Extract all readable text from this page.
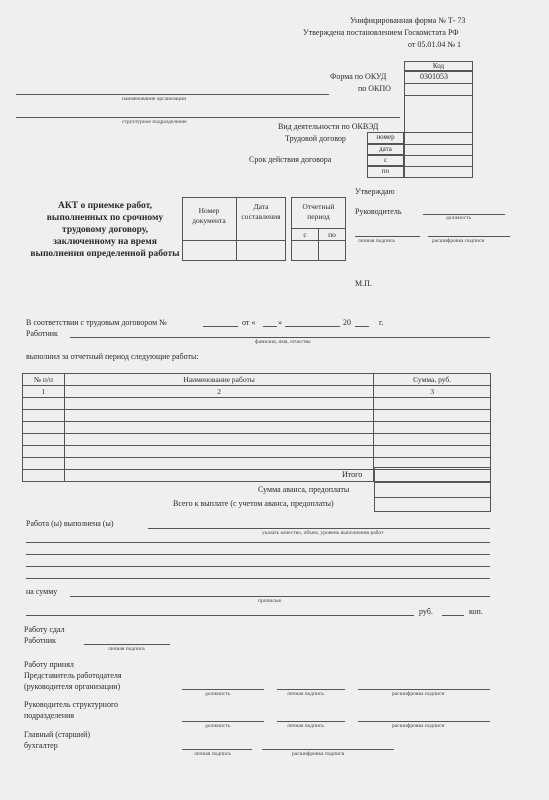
Унифицированная форма № Т- 73
Утверждена постановлением Госкомстата РФ
от 05.01.04 № 1
Код
Форма по ОКУД	0301053
по ОКПО
Вид деятельности по ОКВЭД
Трудовой договор	номер
дата
Срок действия договора	с
по
наименование организации
структурное подразделение
АКТ о приемке работ, выполненных по срочному трудовому договору, заключенному на время выполнения определенной работы
Номер документа
Дата составления
Отчетный период
с	по
Утверждаю
Руководитель
должность
личная подпись	расшифровка подписи
М.П.
В соответствии с трудовым договором №	от «	»	20	г.
Работник
фамилия, имя, отчество
выполнил за отчетный период следующие работы:
№ п/п	Наименование работы	Сумма, руб.
1	2	3

Итого
Сумма аванса, предоплаты
Всего к выплате (с учетом аванса, предоплаты)
Работа (ы) выполнена (ы)
указать качество, объем, уровень выполнения работ
на сумму
прописью
руб.	коп.
Работу сдал
Работник
личная подпись
Работу принял
Представитель работодателя
(руководителя организации)
должность	личная подпись	расшифровка подписи
Руководитель структурного
подразделения
должность	личная подпись	расшифровка подписи
Главный (старший)
бухгалтер
личная подпись	расшифровка подписи
